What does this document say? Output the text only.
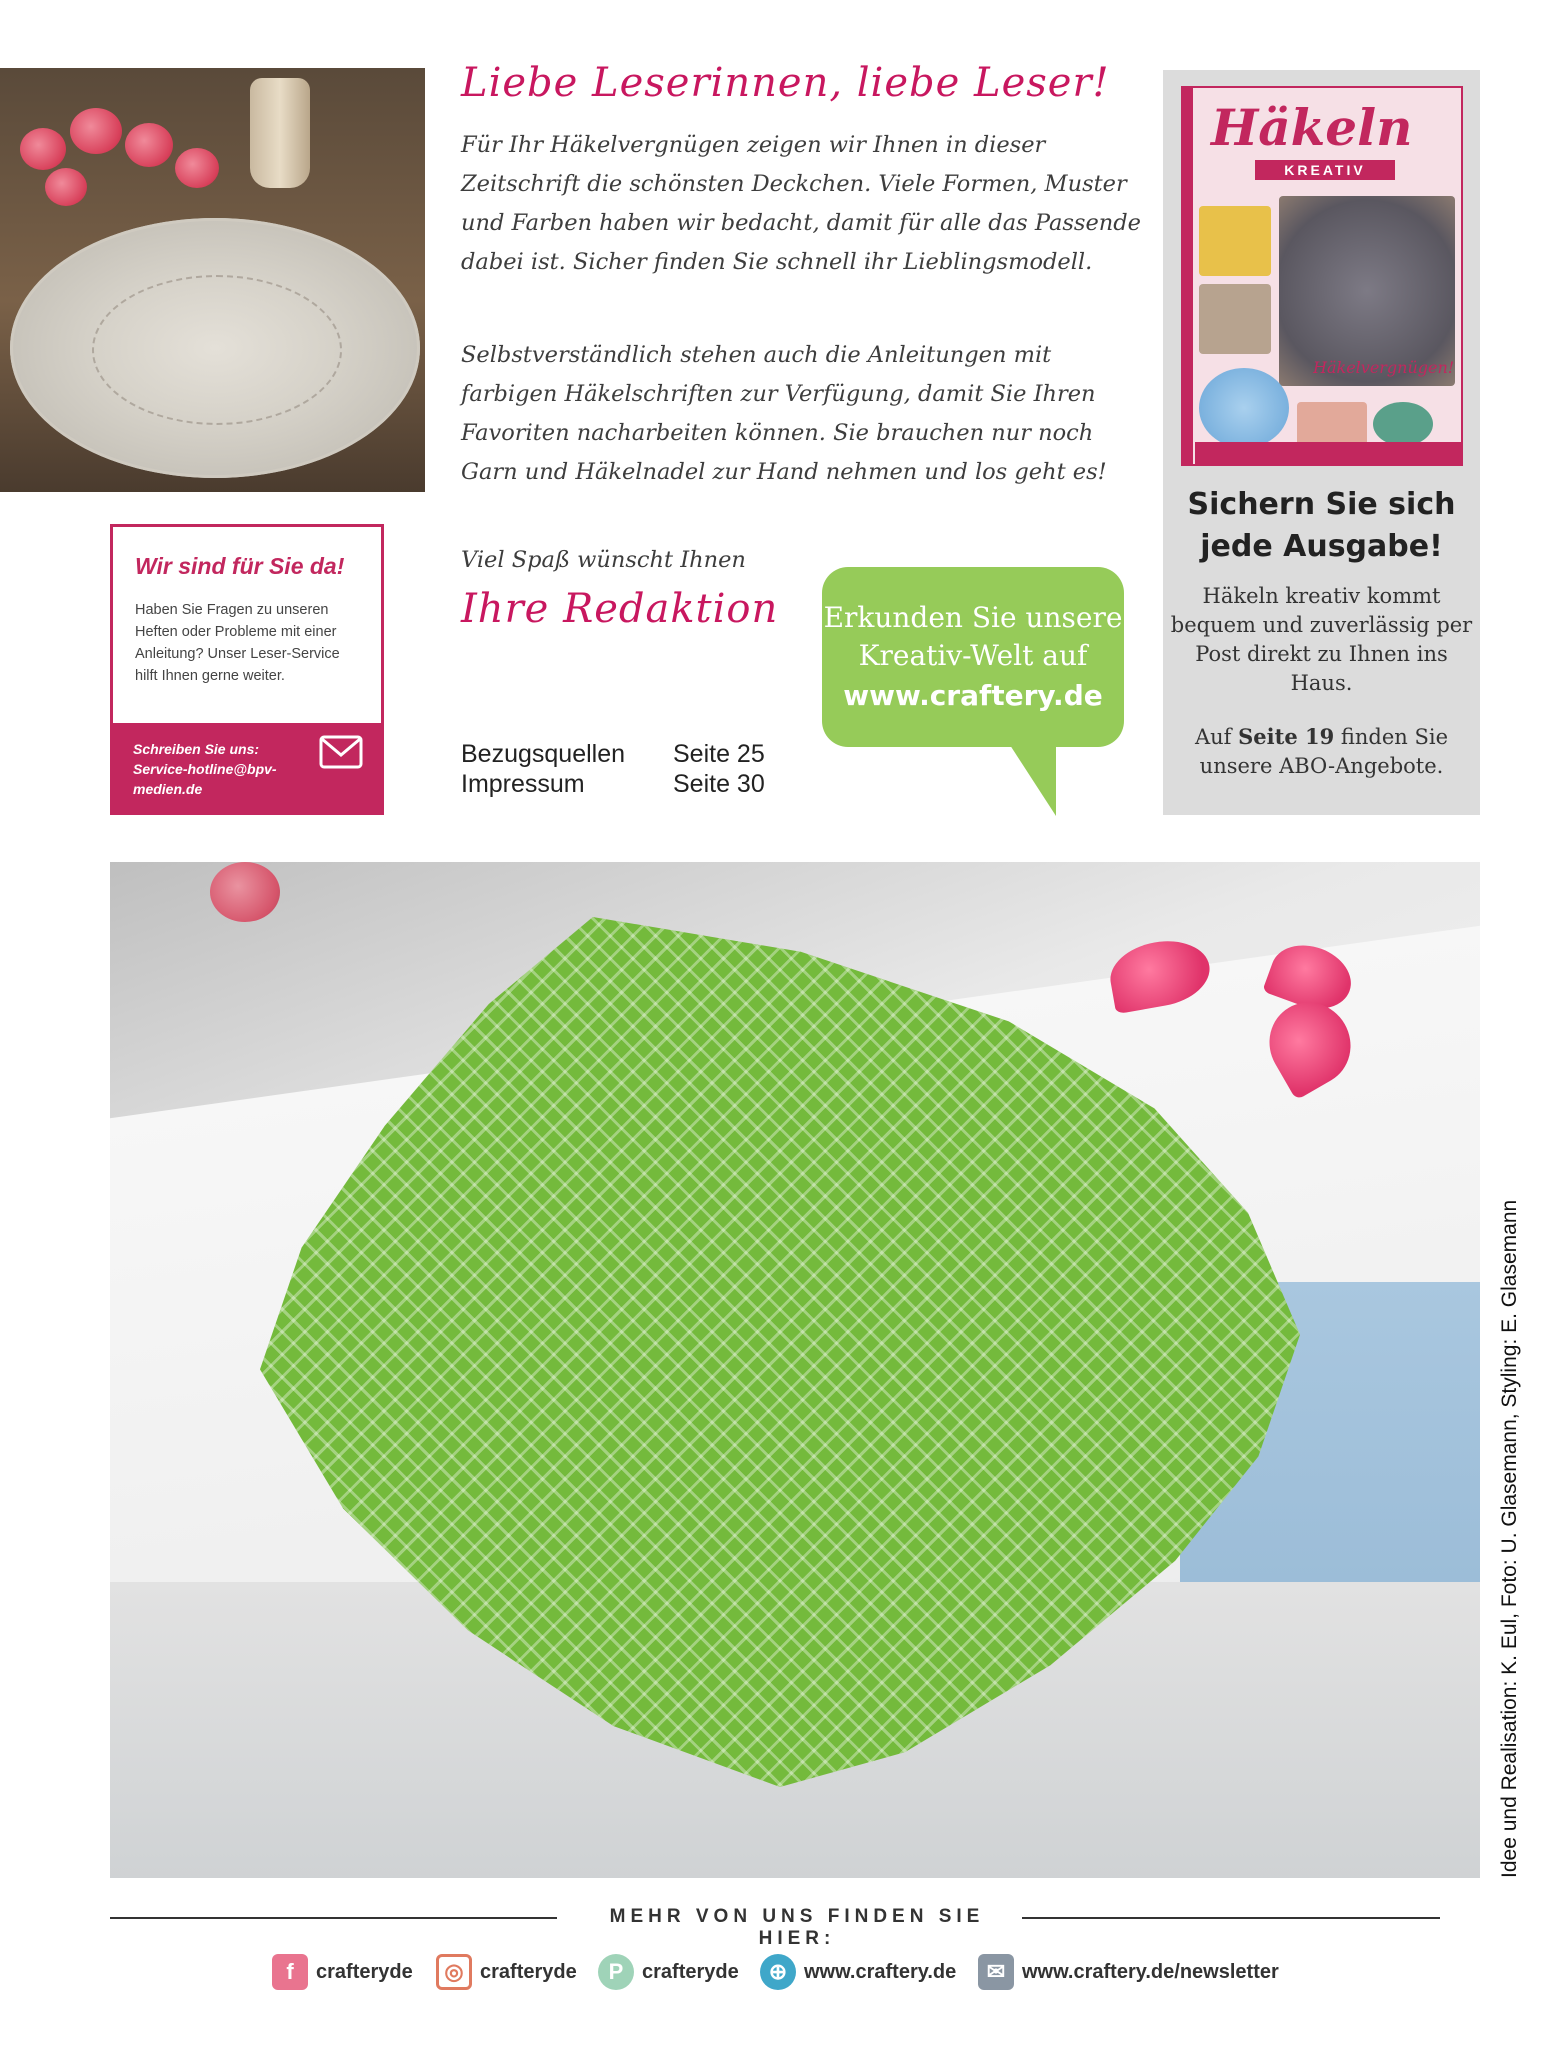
Liebe Leserinnen, liebe Leser!
Für Ihr Häkelvergnügen zeigen wir Ihnen in dieser Zeitschrift die schönsten Deckchen. Viele Formen, Muster und Farben haben wir bedacht, damit für alle das Passende dabei ist. Sicher finden Sie schnell ihr Lieblingsmodell.
Selbstverständlich stehen auch die Anleitungen mit farbigen Häkelschriften zur Verfügung, damit Sie Ihren Favoriten nacharbeiten können. Sie brauchen nur noch Garn und Häkelnadel zur Hand nehmen und los geht es!
Viel Spaß wünscht Ihnen
Ihre Redaktion
Wir sind für Sie da!
Haben Sie Fragen zu unseren Heften oder Probleme mit einer Anleitung? Unser Leser-Service hilft Ihnen gerne weiter.
Schreiben Sie uns:
Service-hotline@bpv-medien.de
Bezugsquellen Seite 25
Impressum	Seite 30
Erkunden Sie unsere
Kreativ-Welt auf
www.craftery.de
Häkeln
KREATIV
Häkelvergnügen!
Sichern Sie sich jede Ausgabe!
Häkeln kreativ kommt bequem und zuverlässig per Post direkt zu Ihnen ins Haus.
Auf Seite 19 finden Sie unsere ABO-Angebote.
Idee und Realisation: K. Eul, Foto: U. Glasemann, Styling: E. Glasemann
MEHR VON UNS FINDEN SIE HIER:
f	crafteryde	◎ crafteryde	P crafteryde	⊕ www.craftery.de	✉ www.craftery.de/newsletter
